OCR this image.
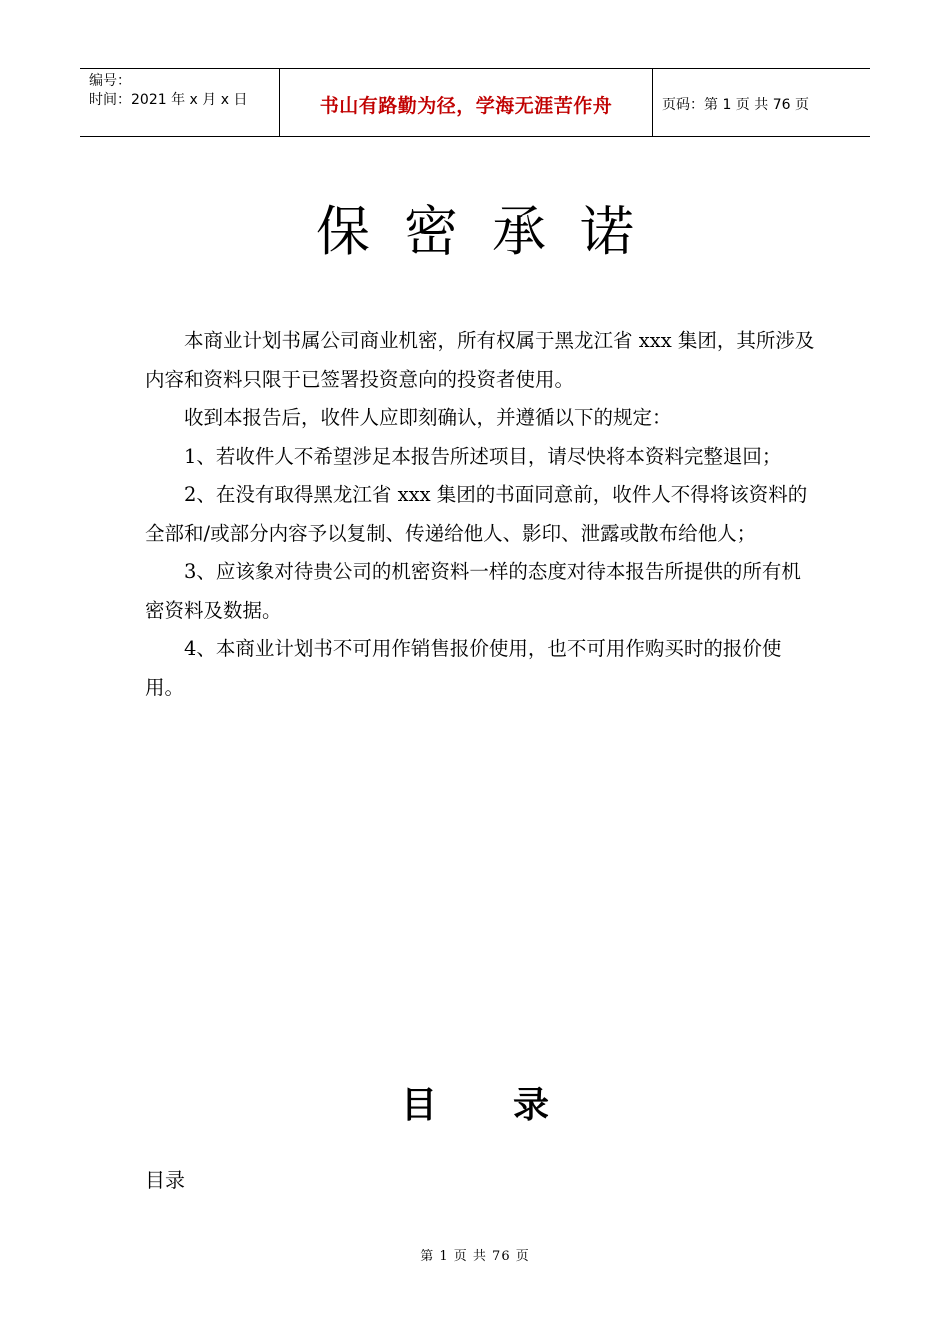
编号：
时间：2021 年 x 月 x 日	书山有路勤为径，学海无涯苦作舟	页码：第 1 页 共 76 页
保密承诺

本商业计划书属公司商业机密，所有权属于黑龙江省 xxx 集团，其所涉及内容和资料只限于已签署投资意向的投资者使用。

收到本报告后，收件人应即刻确认，并遵循以下的规定：

1、若收件人不希望涉足本报告所述项目，请尽快将本资料完整退回；

2、在没有取得黑龙江省 xxx 集团的书面同意前，收件人不得将该资料的全部和/或部分内容予以复制、传递给他人、影印、泄露或散布给他人；

3、应该象对待贵公司的机密资料一样的态度对待本报告所提供的所有机密资料及数据。

4、本商业计划书不可用作销售报价使用，也不可用作购买时的报价使用。

目录
目录
第 1 页 共 76 页
